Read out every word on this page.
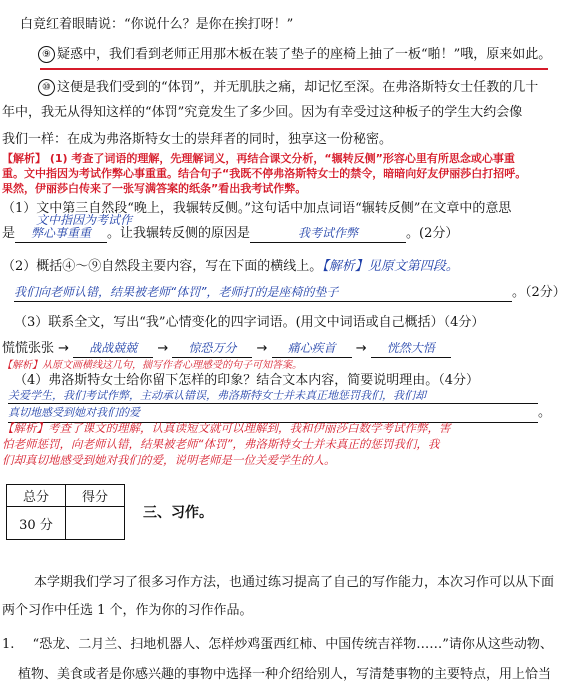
白竟红着眼睛说：“你说什么？是你在挨打呀！”
⑨ 疑惑中，我们看到老师正用那木板在装了垫子的座椅上抽了一板“啪！”哦，原来如此。
⑩ 这便是我们受到的“体罚”，并无肌肤之痛，却记忆至深。在弗洛斯特女士任教的几十
年中，我无从得知这样的“体罚”究竟发生了多少回。因为有幸受过这种板子的学生大约会像
我们一样：在成为弗洛斯特女士的崇拜者的同时，独享这一份秘密。
【解析】 (1) 考查了词语的理解，先理解词义，再结合课文分析，“辗转反侧”形容心里有所思念或心事重
重。文中指因为考试作弊心事重重。结合句子“我既不停弗洛斯特女士的禁令，暗暗向好友伊丽莎白打招呼。
果然，伊丽莎白传来了一张写满答案的纸条”看出我考试作弊。
（1）文中第三自然段“晚上，我辗转反侧。”这句话中加点词语“辗转反侧”在文章中的意思
文中指因为考试作
是 弊心事重重 。让我辗转反侧的原因是	我考试作弊	。(2分）
（2）概括④～⑨自然段主要内容，写在下面的横线上。【解析】见原文第四段。
我们向老师认错，结果被老师“体罚”，老师打的是座椅的垫子	。（2分）
（3）联系全文，写出“我”心情变化的四字词语。(用文中词语或自己概括）（4分）
慌慌张张 → 战战兢兢 → 惊恐万分 → 痛心疾首 → 恍然大悟
【解析】从原文画横线这几句，揣写作者心理感受的句子可知答案。
（4）弗洛斯特女士给你留下怎样的印象？结合文本内容，简要说明理由。（4分）
关爱学生，我们考试作弊，主动承认错误，弗洛斯特女士并未真正地惩罚我们，我们却
真切地感受到她对我们的爱	。
【解析】考查了课文的理解，认真读短文就可以理解到，我和伊丽莎白数学考试作弊，害
怕老师惩罚，向老师认错，结果被老师“体罚”，弗洛斯特女士并未真正的惩罚我们，我
们却真切地感受到她对我们的爱，说明老师是一位关爱学生的人。
总分	得分
30 分	
三、习作。
本学期我们学习了很多习作方法，也通过练习提高了自己的写作能力，本次习作可以从下面
两个习作中任选 1 个，作为你的习作作品。
1. “恐龙、二月兰、扫地机器人、怎样炒鸡蛋西红柿、中国传统吉祥物……”请你从这些动物、
植物、美食或者是你感兴趣的事物中选择一种介绍给别人，写清楚事物的主要特点，用上恰当
